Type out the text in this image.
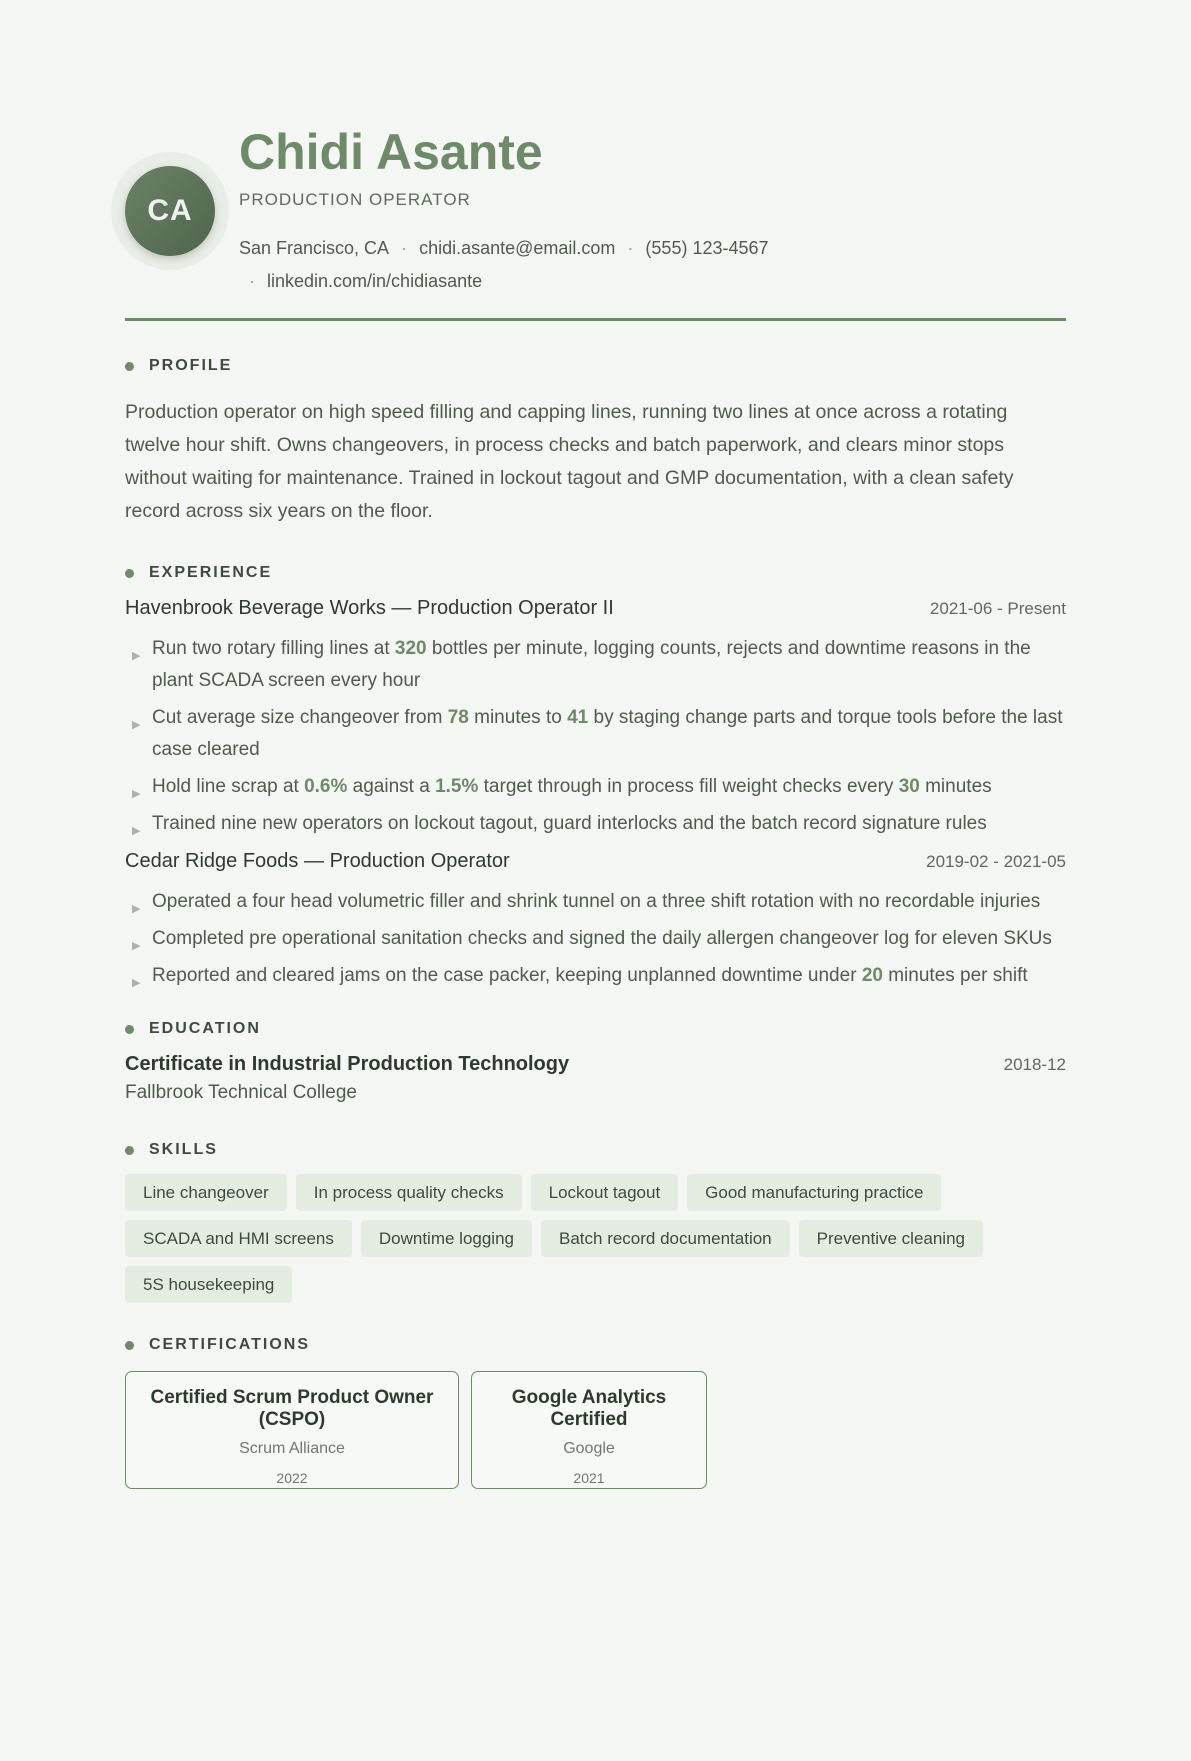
CA
Chidi Asante
PRODUCTION OPERATOR
San Francisco, CA · chidi.asante@email.com · (555) 123-4567
· linkedin.com/in/chidiasante
PROFILE
Production operator on high speed filling and capping lines, running two lines at once across a rotating twelve hour shift. Owns changeovers, in process checks and batch paperwork, and clears minor stops without waiting for maintenance. Trained in lockout tagout and GMP documentation, with a clean safety record across six years on the floor.
EXPERIENCE
Havenbrook Beverage Works — Production Operator II	2021-06 - Present
▶ Run two rotary filling lines at 320 bottles per minute, logging counts, rejects and downtime reasons in the plant SCADA screen every hour
▶ Cut average size changeover from 78 minutes to 41 by staging change parts and torque tools before the last case cleared
▶ Hold line scrap at 0.6% against a 1.5% target through in process fill weight checks every 30 minutes
▶ Trained nine new operators on lockout tagout, guard interlocks and the batch record signature rules
Cedar Ridge Foods — Production Operator	2019-02 - 2021-05
▶ Operated a four head volumetric filler and shrink tunnel on a three shift rotation with no recordable injuries
▶ Completed pre operational sanitation checks and signed the daily allergen changeover log for eleven SKUs
▶ Reported and cleared jams on the case packer, keeping unplanned downtime under 20 minutes per shift
EDUCATION
Certificate in Industrial Production Technology	2018-12
Fallbrook Technical College
SKILLS
Line changeover	In process quality checks	Lockout tagout	Good manufacturing practice
SCADA and HMI screens	Downtime logging	Batch record documentation	Preventive cleaning
5S housekeeping
CERTIFICATIONS
Certified Scrum Product Owner (CSPO)
Scrum Alliance
2022
Google Analytics Certified
Google
2021
